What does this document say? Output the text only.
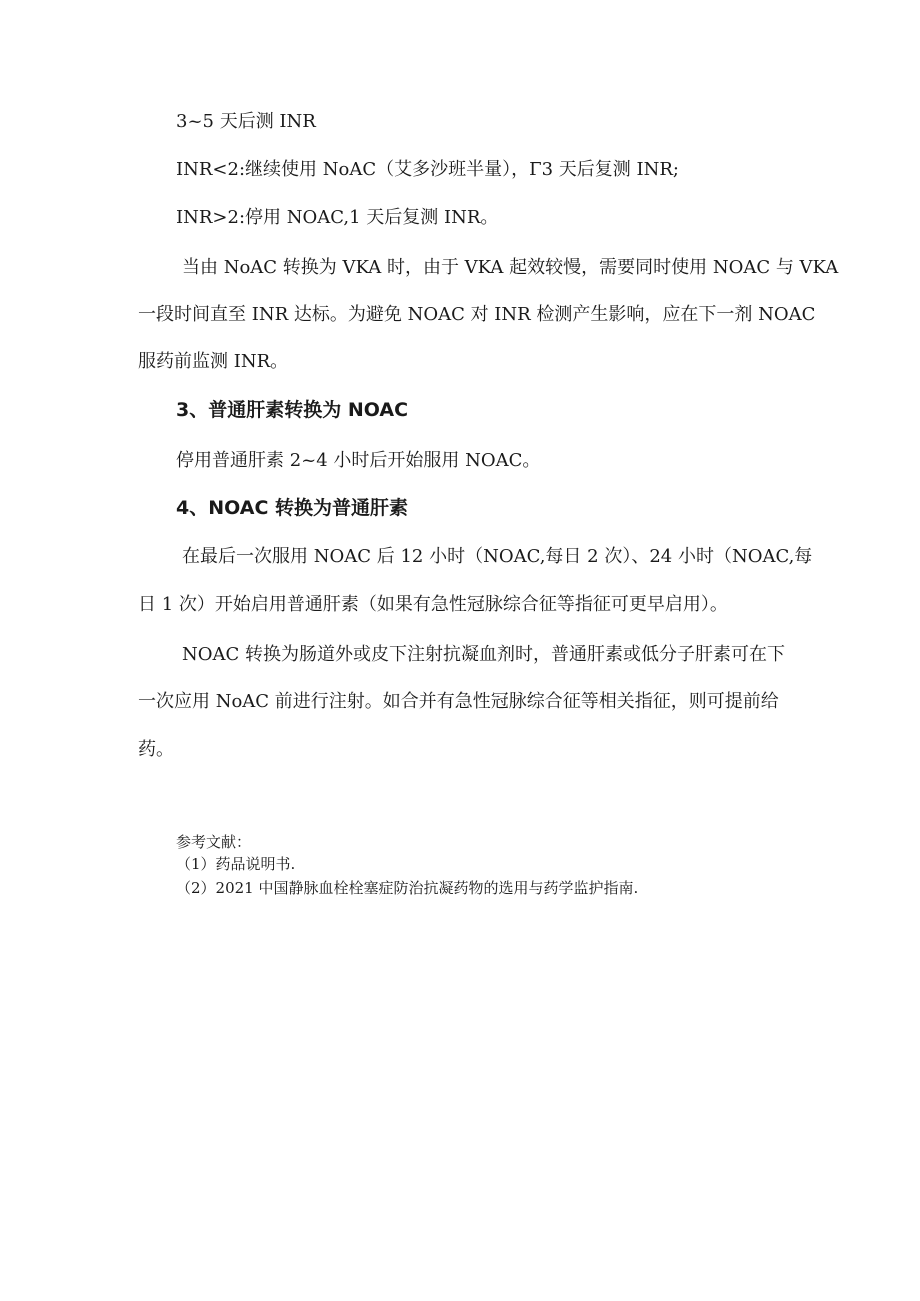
3~5 天后测 INR
INR<2:继续使用 NoAC（艾多沙班半量），Γ3 天后复测 INR;
INR>2:停用 NOAC,1 天后复测 INR。
当由 NoAC 转换为 VKA 时，由于 VKA 起效较慢，需要同时使用 NOAC 与 VKA
一段时间直至 INR 达标。为避免 NOAC 对 INR 检测产生影响，应在下一剂 NOAC
服药前监测 INR。
3、普通肝素转换为 NOAC
停用普通肝素 2~4 小时后开始服用 NOAC。
4、NOAC 转换为普通肝素
在最后一次服用 NOAC 后 12 小时（NOAC,每日 2 次）、24 小时（NOAC,每
日 1 次）开始启用普通肝素（如果有急性冠脉综合征等指征可更早启用）。
NOAC 转换为肠道外或皮下注射抗凝血剂时，普通肝素或低分子肝素可在下
一次应用 NoAC 前进行注射。如合并有急性冠脉综合征等相关指征，则可提前给
药。
参考文献：
（1）药品说明书.
（2）2021 中国静脉血栓栓塞症防治抗凝药物的选用与药学监护指南.
